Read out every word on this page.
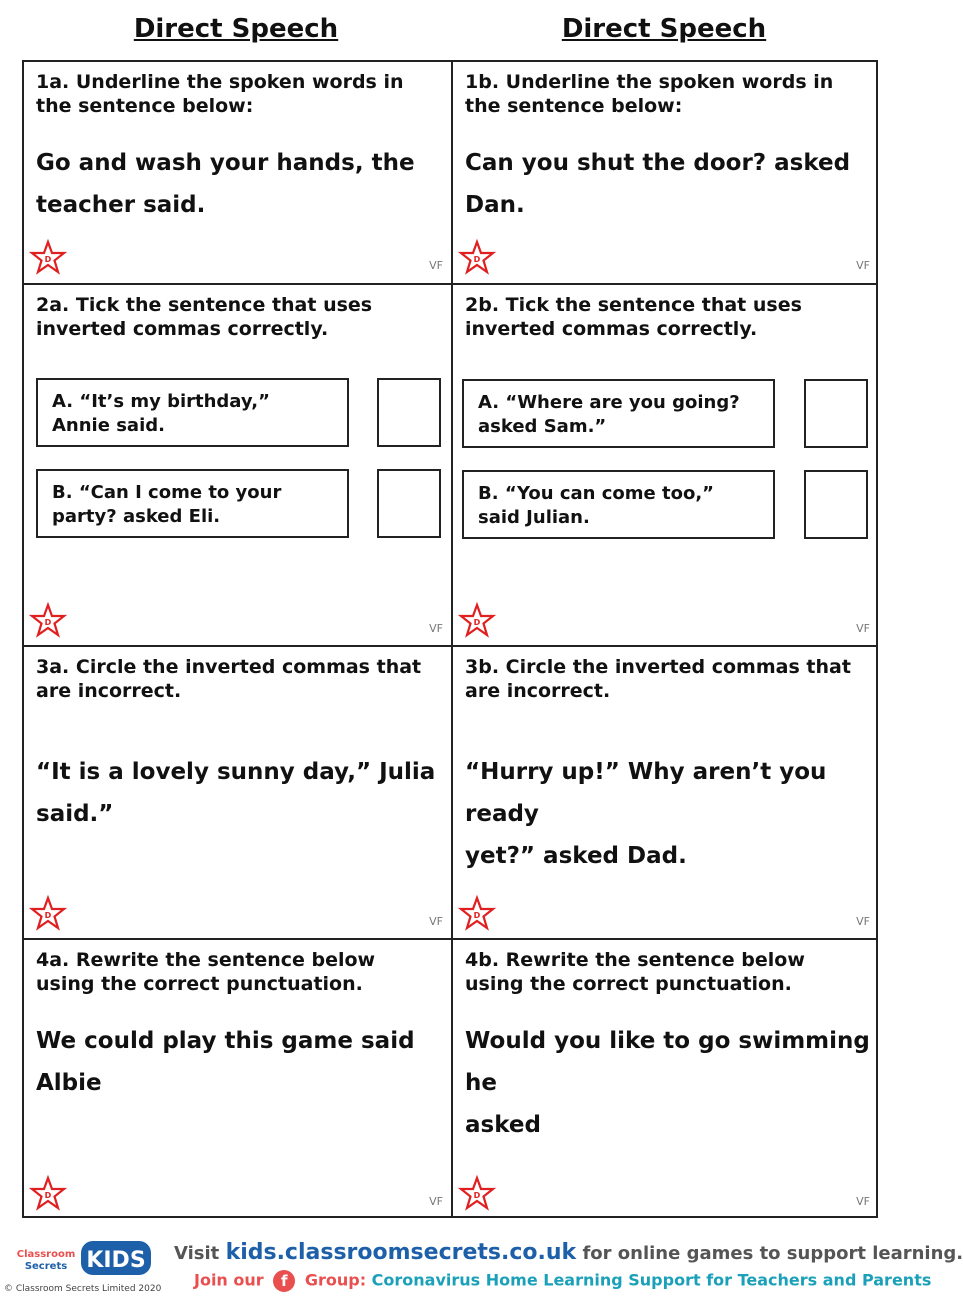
Direct Speech	Direct Speech
1a. Underline the spoken words in the sentence below:
Go and wash your hands, the
teacher said.
D	VF
1b. Underline the spoken words in the sentence below:
Can you shut the door? asked Dan.
D	VF
2a. Tick the sentence that uses inverted commas correctly.
A. “It’s my birthday,” Annie said.
B. “Can I come to your party? asked Eli.
D	VF
2b. Tick the sentence that uses inverted commas correctly.
A. “Where are you going? asked Sam.”
B. “You can come too,” said Julian.
D	VF
3a. Circle the inverted commas that are incorrect.
“It is a lovely sunny day,” Julia
said.”
D	VF
3b. Circle the inverted commas that are incorrect.
“Hurry up!” Why aren’t you ready
yet?” asked Dad.
D	VF
4a. Rewrite the sentence below using the correct punctuation.
We could play this game said Albie
D	VF
4b. Rewrite the sentence below using the correct punctuation.
Would you like to go swimming he
asked
D	VF
Classroom
Secrets KIDS
© Classroom Secrets Limited 2020
Visit kids.classroomsecrets.co.uk for online games to support learning.
Join our f Group: Coronavirus Home Learning Support for Teachers and Parents
